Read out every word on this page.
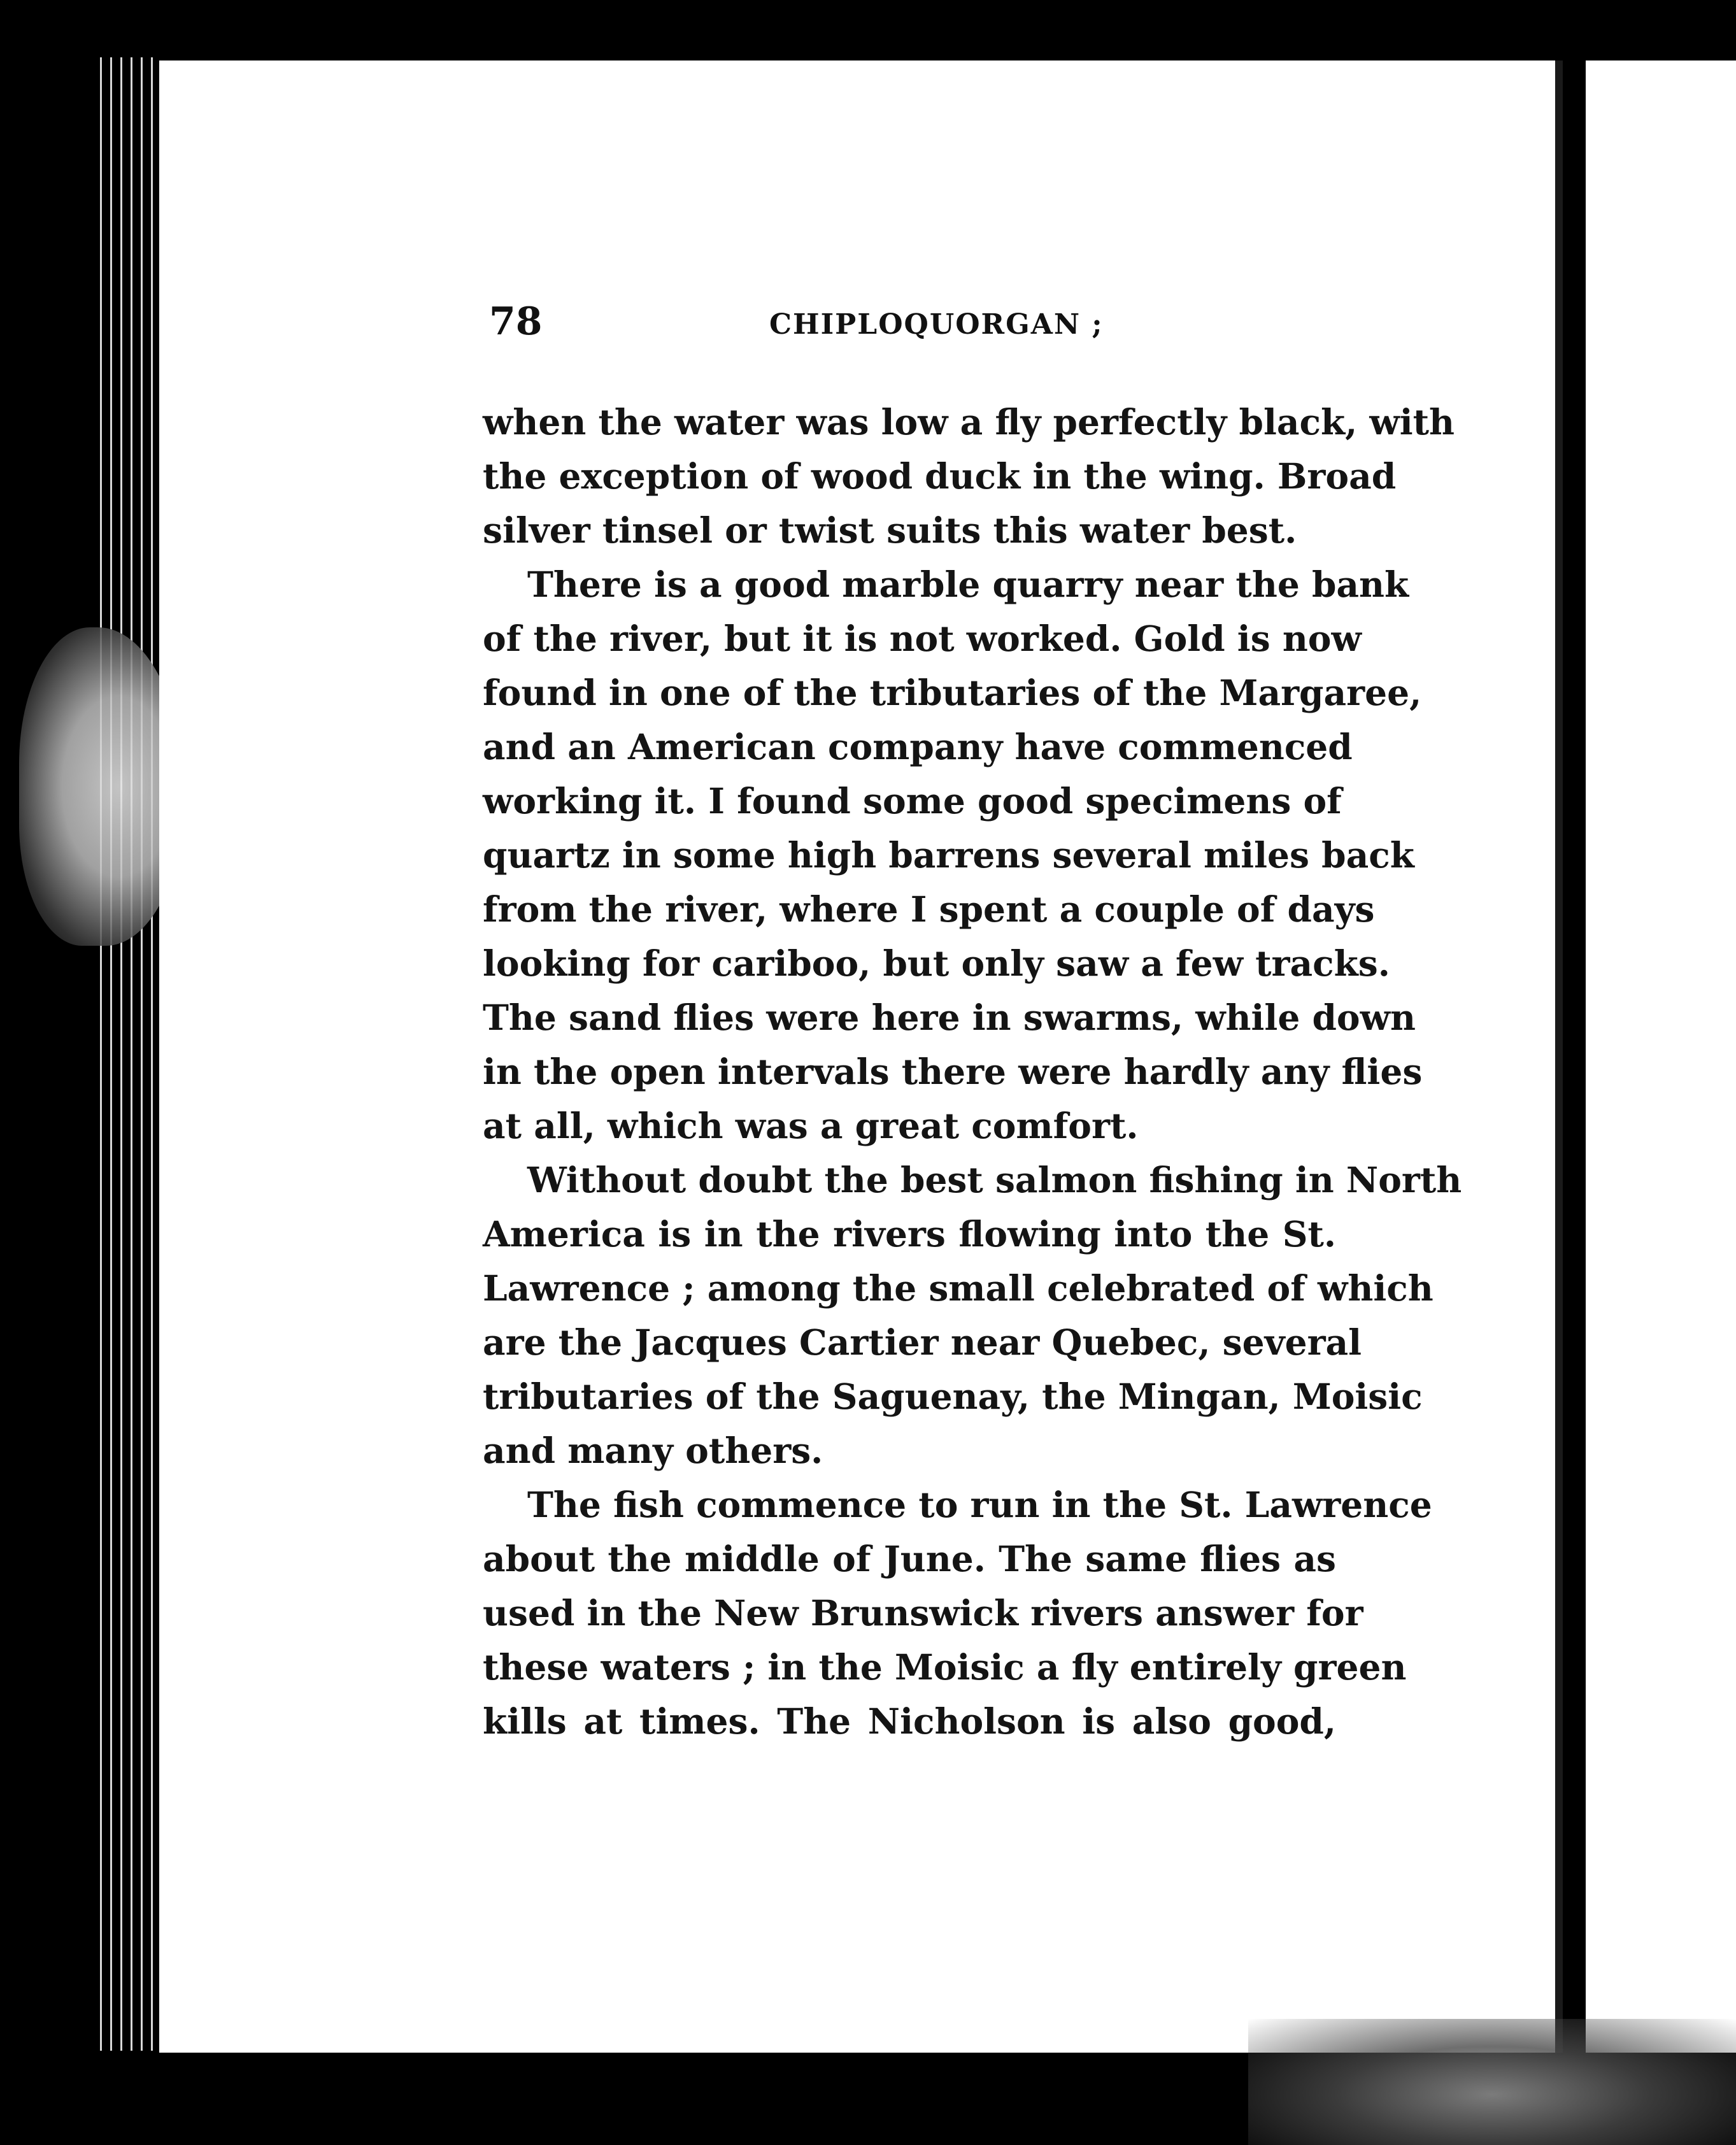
78	CHIPLOQUORGAN ;
when the water was low a fly perfectly black, with
the exception of wood duck in the wing. Broad
silver tinsel or twist suits this water best.
There is a good marble quarry near the bank
of the river, but it is not worked. Gold is now
found in one of the tributaries of the Margaree,
and an American company have commenced
working it. I found some good specimens of
quartz in some high barrens several miles back
from the river, where I spent a couple of days
looking for cariboo, but only saw a few tracks.
The sand flies were here in swarms, while down
in the open intervals there were hardly any flies
at all, which was a great comfort.
Without doubt the best salmon fishing in North
America is in the rivers flowing into the St.
Lawrence ; among the small celebrated of which
are the Jacques Cartier near Quebec, several
tributaries of the Saguenay, the Mingan, Moisic
and many others.
The fish commence to run in the St. Lawrence
about the middle of June. The same flies as
used in the New Brunswick rivers answer for
these waters ; in the Moisic a fly entirely green
kills at times. The Nicholson is also good,
